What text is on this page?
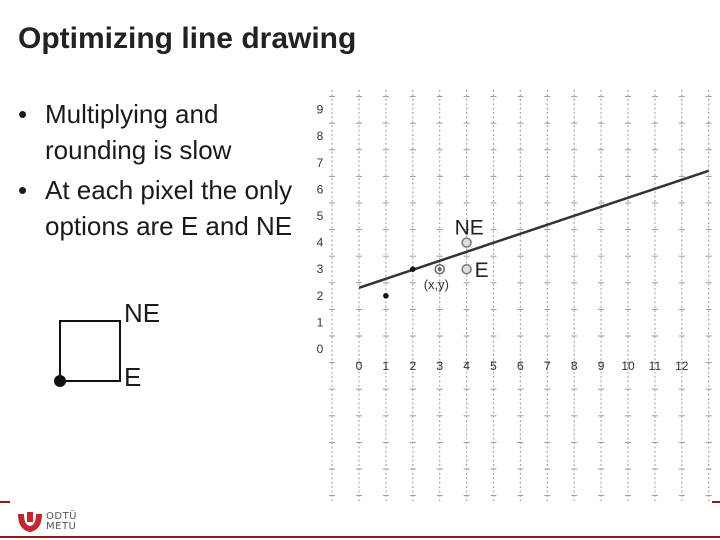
Optimizing line drawing
• Multiplying and rounding is slow
• At each pixel the only options are E and NE
NE
E	0 1 2 3 4 5 6 7 8 9 10 11 12
0
1
2
3
4
5
6
7
8
9
NE
E
(x,y)
ODTÜ
METU
